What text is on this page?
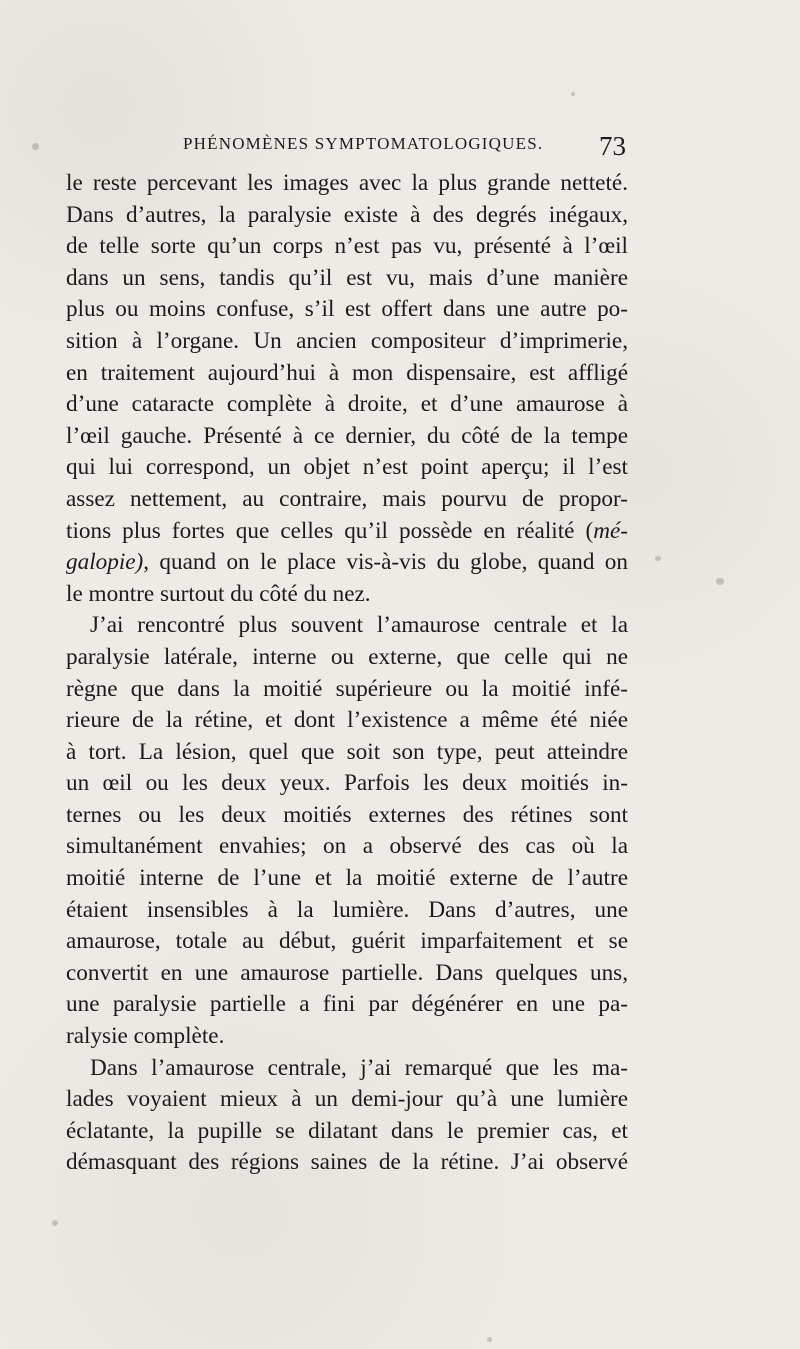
PHÉNOMÈNES SYMPTOMATOLOGIQUES. 73
le reste percevant les images avec la plus grande netteté.
Dans d’autres, la paralysie existe à des degrés inégaux,
de telle sorte qu’un corps n’est pas vu, présenté à l’œil
dans un sens, tandis qu’il est vu, mais d’une manière
plus ou moins confuse, s’il est offert dans une autre po-
sition à l’organe. Un ancien compositeur d’imprimerie,
en traitement aujourd’hui à mon dispensaire, est affligé
d’une cataracte complète à droite, et d’une amaurose à
l’œil gauche. Présenté à ce dernier, du côté de la tempe
qui lui correspond, un objet n’est point aperçu; il l’est
assez nettement, au contraire, mais pourvu de propor-
tions plus fortes que celles qu’il possède en réalité (mé-
galopie), quand on le place vis-à-vis du globe, quand on
le montre surtout du côté du nez.
J’ai rencontré plus souvent l’amaurose centrale et la
paralysie latérale, interne ou externe, que celle qui ne
règne que dans la moitié supérieure ou la moitié infé-
rieure de la rétine, et dont l’existence a même été niée
à tort. La lésion, quel que soit son type, peut atteindre
un œil ou les deux yeux. Parfois les deux moitiés in-
ternes ou les deux moitiés externes des rétines sont
simultanément envahies; on a observé des cas où la
moitié interne de l’une et la moitié externe de l’autre
étaient insensibles à la lumière. Dans d’autres, une
amaurose, totale au début, guérit imparfaitement et se
convertit en une amaurose partielle. Dans quelques uns,
une paralysie partielle a fini par dégénérer en une pa-
ralysie complète.
Dans l’amaurose centrale, j’ai remarqué que les ma-
lades voyaient mieux à un demi-jour qu’à une lumière
éclatante, la pupille se dilatant dans le premier cas, et
démasquant des régions saines de la rétine. J’ai observé
